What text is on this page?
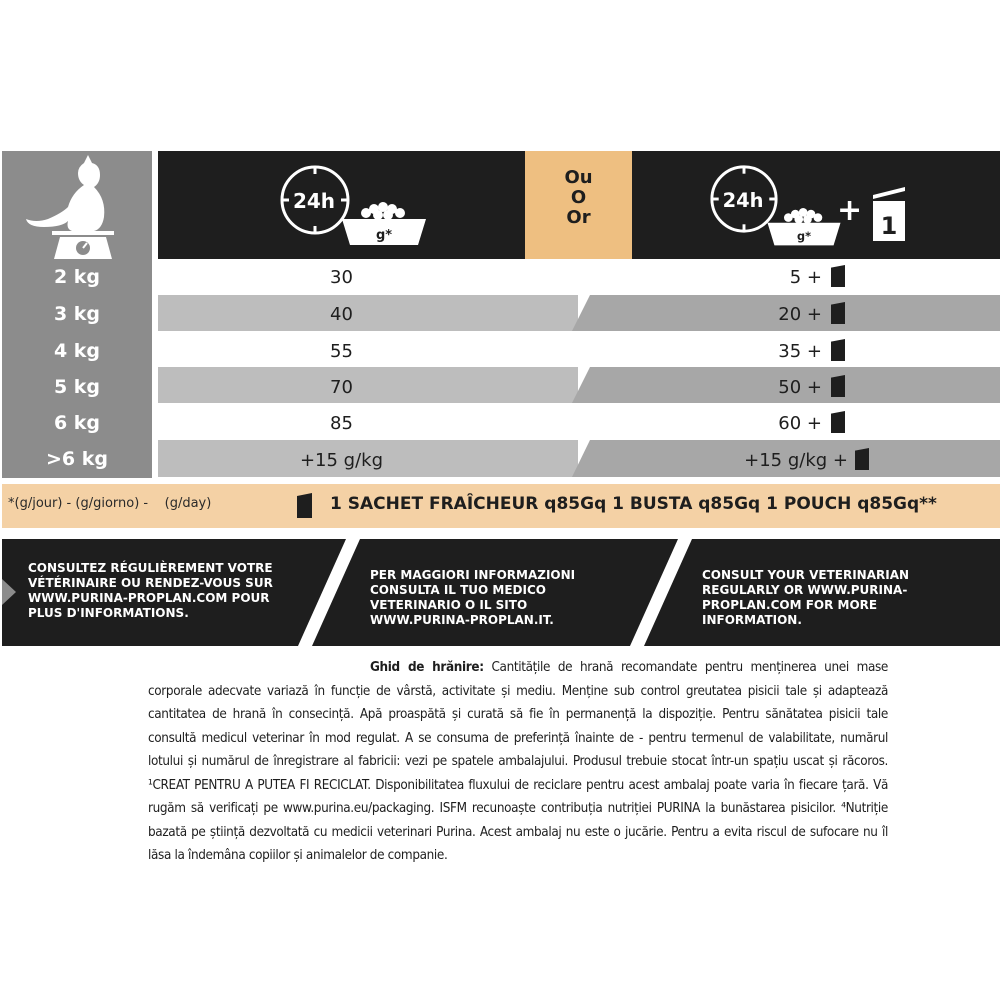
2 kg
3 kg
4 kg
5 kg
6 kg
>6 kg
24h
g*
Ou
O
Or
24h
g*
+ 1
30
40
55
70
85
+15 g/kg
5 +
20 +
35 +
50 +
60 +
+15 g/kg +
*(g/jour) - (g/giorno) -    (g/day)	1 SACHET FRAÎCHEUR q85Gq 1 BUSTA q85Gq 1 POUCH q85Gq**
CONSULTEZ RÉGULIÈREMENT VOTRE VÉTÉRINAIRE OU RENDEZ-VOUS SUR WWW.PURINA-PROPLAN.COM POUR PLUS D'INFORMATIONS.
PER MAGGIORI INFORMAZIONI CONSULTA IL TUO MEDICO VETERINARIO O IL SITO WWW.PURINA-PROPLAN.IT.
CONSULT YOUR VETERINARIAN REGULARLY OR WWW.PURINA-PROPLAN.COM FOR MORE INFORMATION.
Ghid de hrănire: Cantitățile de hrană recomandate pentru menținerea unei mase corporale adecvate variază în funcție de vârstă, activitate și mediu. Menține sub control greutatea pisicii tale și adaptează cantitatea de hrană în consecință. Apă proaspătă și curată să fie în permanență la dispoziție. Pentru sănătatea pisicii tale consultă medicul veterinar în mod regulat. A se consuma de preferință înainte de - pentru termenul de valabilitate, numărul lotului și numărul de înregistrare al fabricii: vezi pe spatele ambalajului. Produsul trebuie stocat într-un spațiu uscat și răcoros. ¹CREAT PENTRU A PUTEA FI RECICLAT. Disponibilitatea fluxului de reciclare pentru acest ambalaj poate varia în fiecare țară. Vă rugăm să verificați pe www.purina.eu/packaging. ISFM recunoaște contribuția nutriției PURINA la bunăstarea pisicilor. ⁴Nutriție bazată pe știință dezvoltată cu medicii veterinari Purina. Acest ambalaj nu este o jucărie. Pentru a evita riscul de sufocare nu îl lăsa la îndemâna copiilor și animalelor de companie.
